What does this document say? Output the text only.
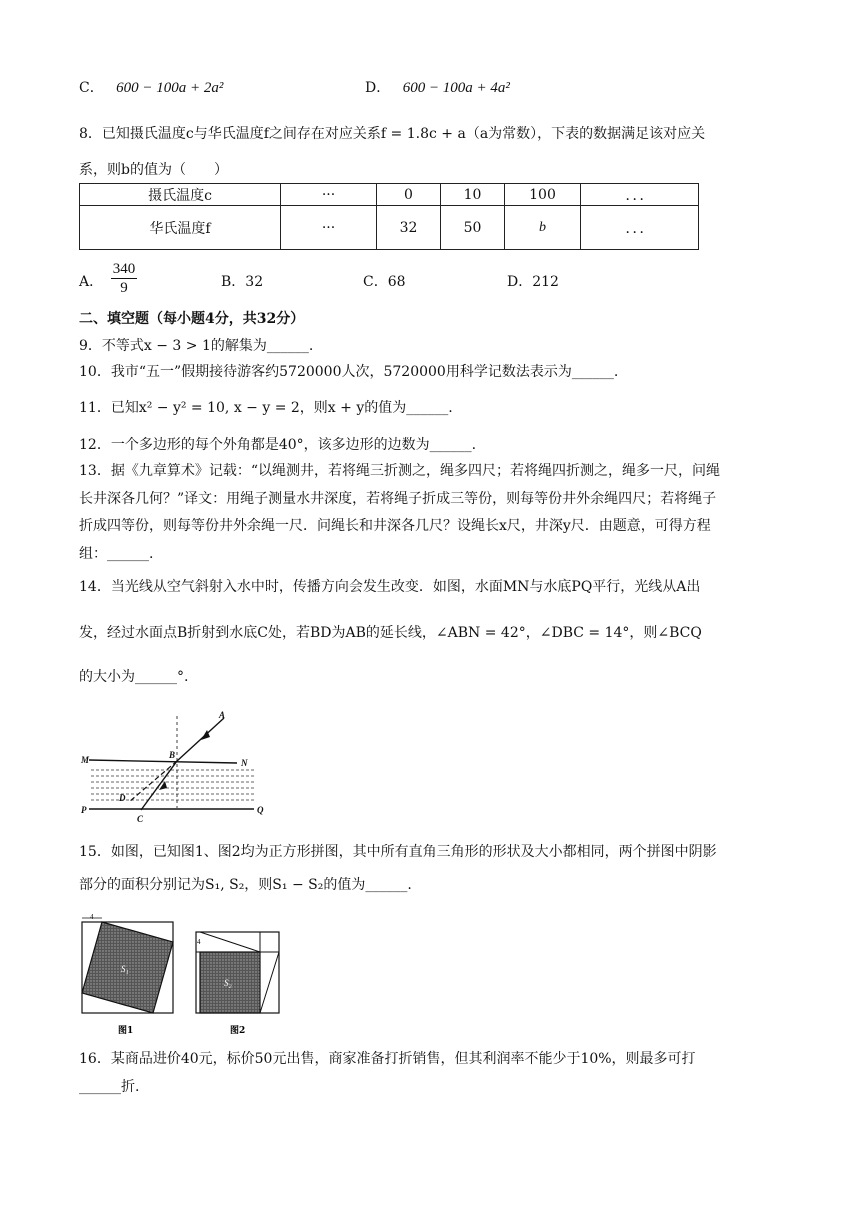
C． 600 − 100a + 2a²	D． 600 − 100a + 4a²
8．已知摄氏温度c与华氏温度f之间存在对应关系f = 1.8c + a（a为常数），下表的数据满足该对应关
系，则b的值为（　　）
摄氏温度c	···	0	10	100	．．．
华氏温度f	···	32	50	b	．．．
A． $\frac{340}{9}$	B．32	C．68	D．212
二、填空题（每小题4分，共32分）
9．不等式x − 3 > 1的解集为______.
10．我市“五一”假期接待游客约5720000人次，5720000用科学记数法表示为______.
11．已知x² − y² = 10, x − y = 2，则x + y的值为______.
12．一个多边形的每个外角都是40°，该多边形的边数为______.
13．据《九章算术》记载：“以绳测井，若将绳三折测之，绳多四尺；若将绳四折测之，绳多一尺，问绳
长井深各几何？”译文：用绳子测量水井深度，若将绳子折成三等份，则每等份井外余绳四尺；若将绳子
折成四等份，则每等份井外余绳一尺．问绳长和井深各几尺？设绳长x尺，井深y尺．由题意，可得方程
组：______.
14．当光线从空气斜射入水中时，传播方向会发生改变．如图，水面MN与水底PQ平行，光线从A出
发，经过水面点B折射到水底C处，若BD为AB的延长线，∠ABN = 42°，∠DBC = 14°，则∠BCQ
的大小为______°.
A
B
C
D
M	N
P	Q
15．如图，已知图1、图2均为正方形拼图，其中所有直角三角形的形状及大小都相同，两个拼图中阴影
部分的面积分别记为S₁, S₂，则S₁ − S₂的值为______.
4
S₁
图1
4
S₂
图2
16．某商品进价40元，标价50元出售，商家准备打折销售，但其利润率不能少于10%，则最多可打
______折.
